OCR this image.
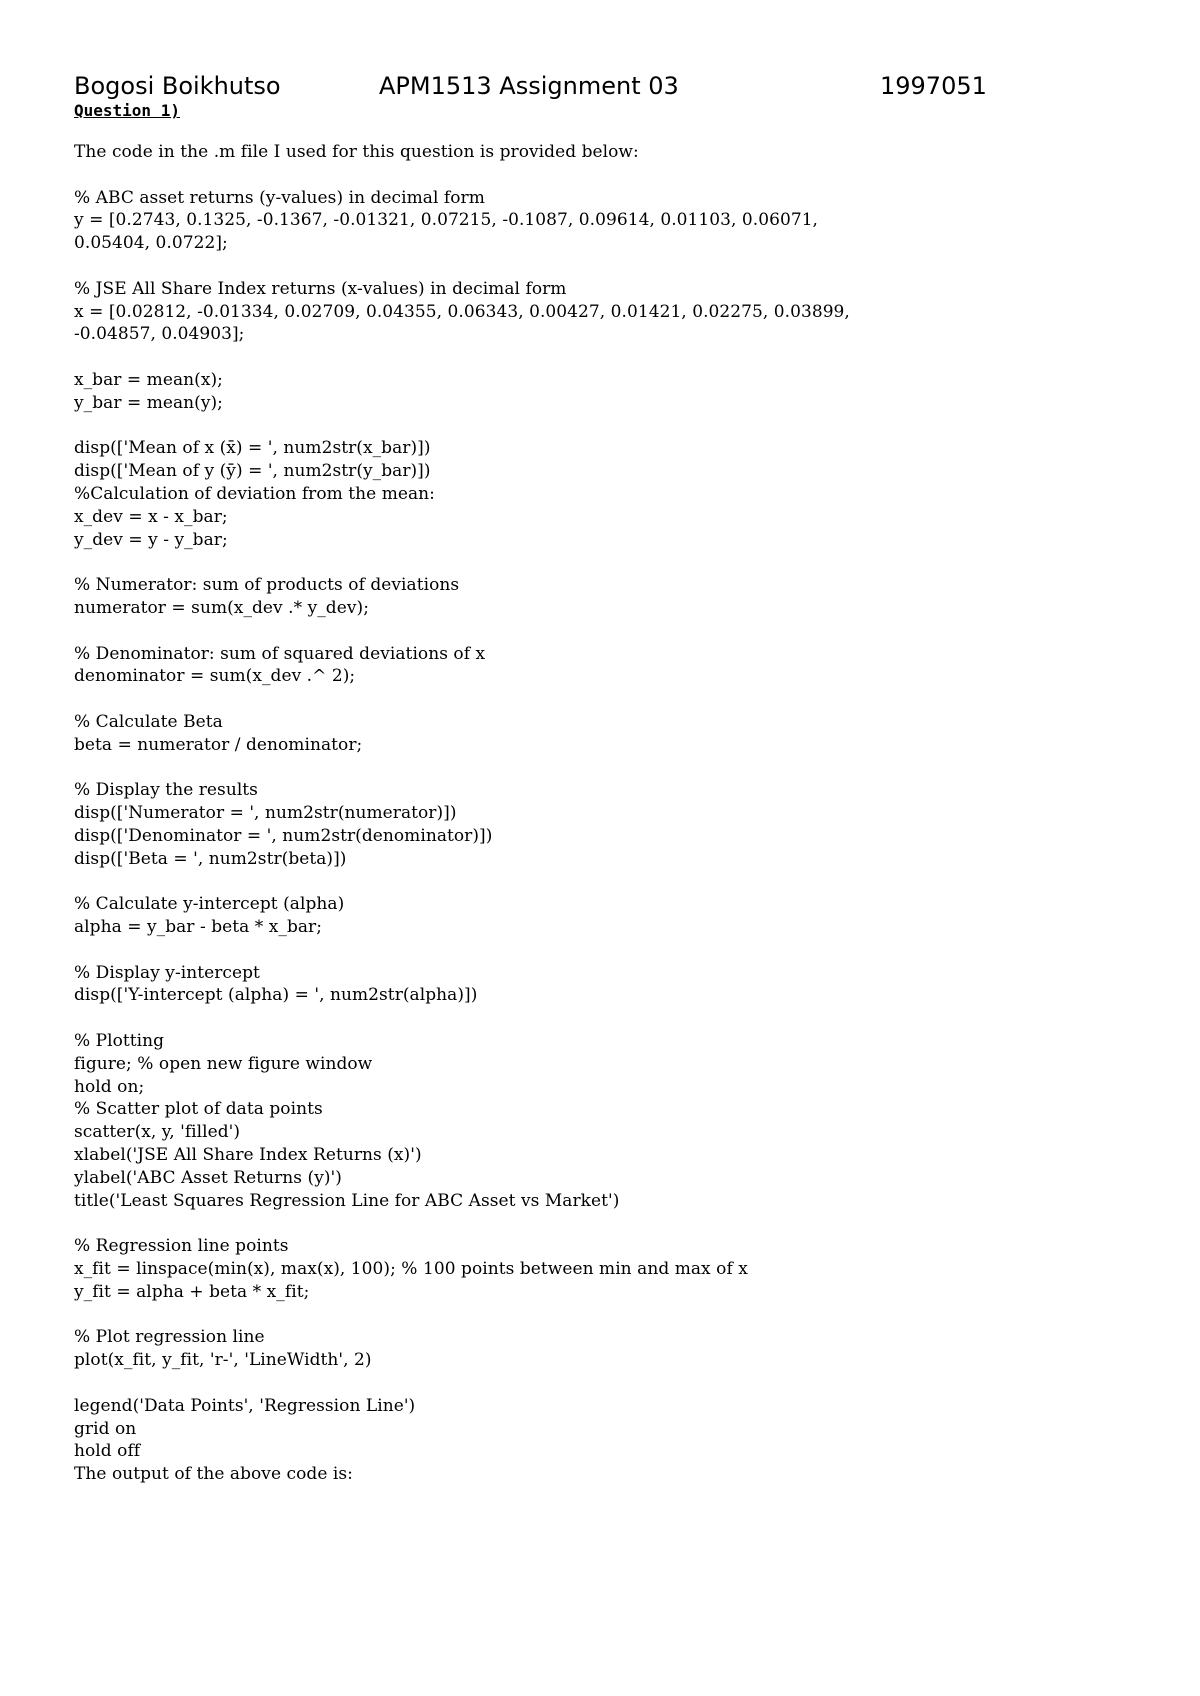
Bogosi Boikhutso	APM1513 Assignment 03	1997051
Question 1)
The code in the .m file I used for this question is provided below:
% ABC asset returns (y-values) in decimal form
y = [0.2743, 0.1325, -0.1367, -0.01321, 0.07215, -0.1087, 0.09614, 0.01103, 0.06071,
0.05404, 0.0722];
% JSE All Share Index returns (x-values) in decimal form
x = [0.02812, -0.01334, 0.02709, 0.04355, 0.06343, 0.00427, 0.01421, 0.02275, 0.03899,
-0.04857, 0.04903];
x_bar = mean(x);
y_bar = mean(y);
disp(['Mean of x (x̄) = ', num2str(x_bar)])
disp(['Mean of y (ȳ) = ', num2str(y_bar)])
%Calculation of deviation from the mean:
x_dev = x - x_bar;
y_dev = y - y_bar;
% Numerator: sum of products of deviations
numerator = sum(x_dev .* y_dev);
% Denominator: sum of squared deviations of x
denominator = sum(x_dev .^ 2);
% Calculate Beta
beta = numerator / denominator;
% Display the results
disp(['Numerator = ', num2str(numerator)])
disp(['Denominator = ', num2str(denominator)])
disp(['Beta = ', num2str(beta)])
% Calculate y-intercept (alpha)
alpha = y_bar - beta * x_bar;
% Display y-intercept
disp(['Y-intercept (alpha) = ', num2str(alpha)])
% Plotting
figure; % open new figure window
hold on;
% Scatter plot of data points
scatter(x, y, 'filled')
xlabel('JSE All Share Index Returns (x)')
ylabel('ABC Asset Returns (y)')
title('Least Squares Regression Line for ABC Asset vs Market')
% Regression line points
x_fit = linspace(min(x), max(x), 100); % 100 points between min and max of x
y_fit = alpha + beta * x_fit;
% Plot regression line
plot(x_fit, y_fit, 'r-', 'LineWidth', 2)
legend('Data Points', 'Regression Line')
grid on
hold off
The output of the above code is:
